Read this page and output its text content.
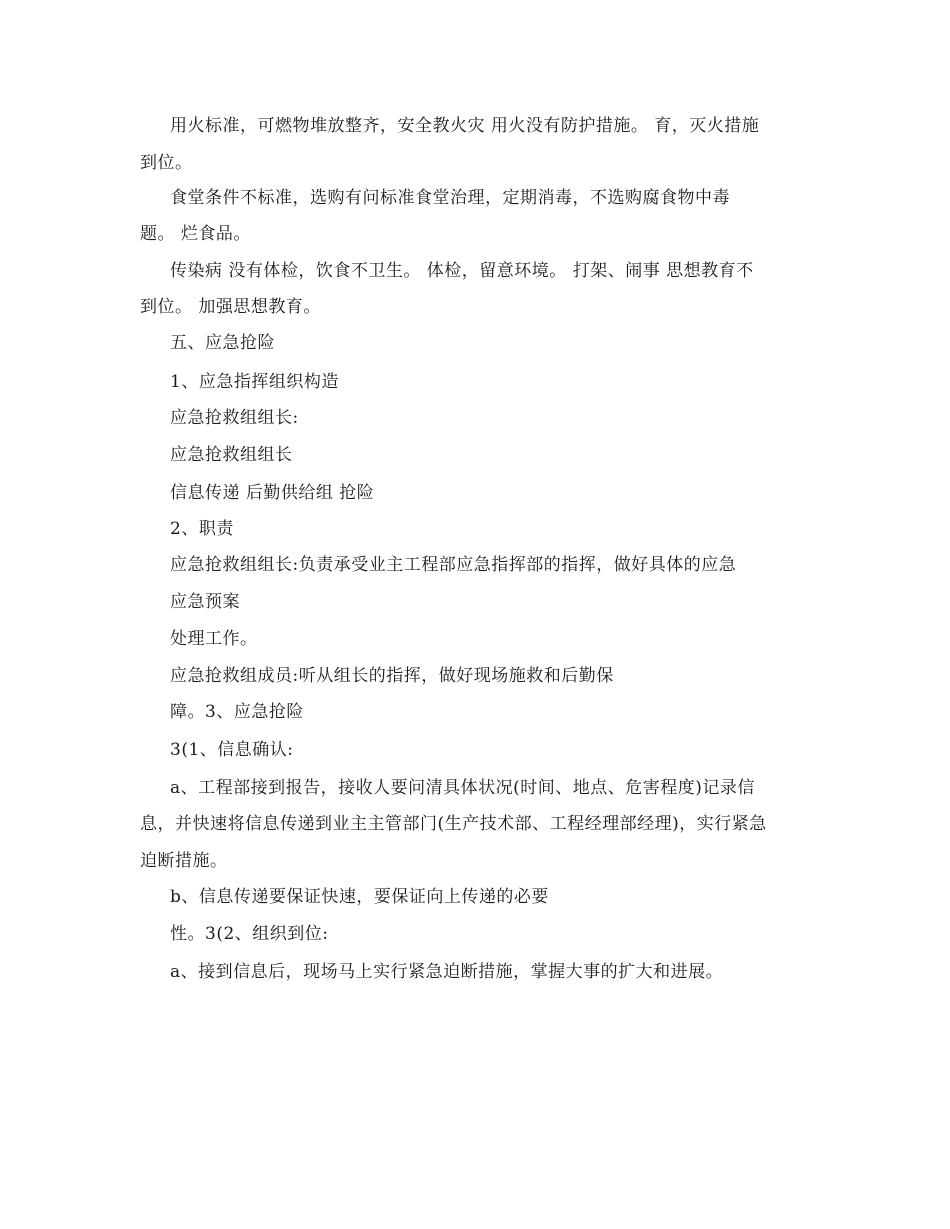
用火标准，可燃物堆放整齐，安全教火灾 用火没有防护措施。 育，灭火措施
到位。
食堂条件不标准，选购有问标准食堂治理，定期消毒，不选购腐食物中毒
题。 烂食品。
传染病 没有体检，饮食不卫生。 体检，留意环境。 打架、闹事 思想教育不
到位。 加强思想教育。
五、应急抢险
1、应急指挥组织构造
应急抢救组组长:
应急抢救组组长
信息传递 后勤供给组 抢险
2、职责
应急抢救组组长:负责承受业主工程部应急指挥部的指挥，做好具体的应急
应急预案
处理工作。
应急抢救组成员:听从组长的指挥，做好现场施救和后勤保
障。3、应急抢险
3(1、信息确认:
a、工程部接到报告，接收人要问清具体状况(时间、地点、危害程度)记录信
息，并快速将信息传递到业主主管部门(生产技术部、工程经理部经理)，实行紧急
迫断措施。
b、信息传递要保证快速，要保证向上传递的必要
性。3(2、组织到位:
a、接到信息后，现场马上实行紧急迫断措施，掌握大事的扩大和进展。
